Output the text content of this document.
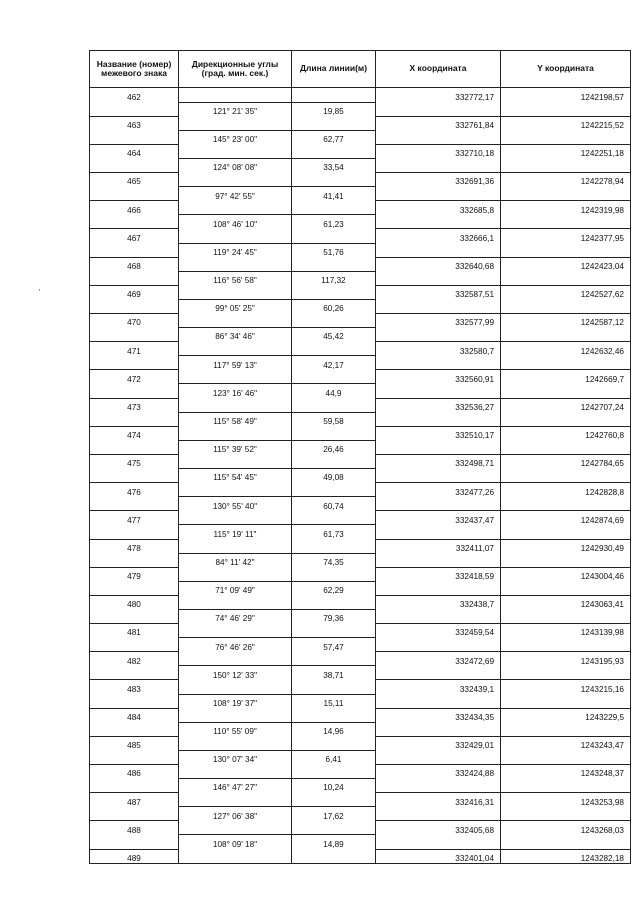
Название (номер) межевого знака	Дирекционные углы (град. мин. сек.)	Длина линии(м)	X координата	Y координата
462			332772,17	1242198,57
	121° 21' 35"	19,85		
463			332761,84	1242215,52
	145° 23' 00"	62,77		
464			332710,18	1242251,18
	124° 08' 08"	33,54		
465			332691,36	1242278,94
	97° 42' 55"	41,41		
466			332685,8	1242319,98
	108° 46' 10"	61,23		
467			332666,1	1242377,95
	119° 24' 45"	51,76		
468			332640,68	1242423,04
	116° 56' 58"	117,32		
469			332587,51	1242527,62
	99° 05' 25"	60,26		
470			332577,99	1242587,12
	86° 34' 46"	45,42		
471			332580,7	1242632,46
	117° 59' 13"	42,17		
472			332560,91	1242669,7
	123° 16' 46"	44,9		
473			332536,27	1242707,24
	115° 58' 49"	59,58		
474			332510,17	1242760,8
	115° 39' 52"	26,46		
475			332498,71	1242784,65
	115° 54' 45"	49,08		
476			332477,26	1242828,8
	130° 55' 40"	60,74		
477			332437,47	1242874,69
	115° 19' 11"	61,73		
478			332411,07	1242930,49
	84° 11' 42"	74,35		
479			332418,59	1243004,46
	71° 09' 49"	62,29		
480			332438,7	1243063,41
	74° 46' 29"	79,36		
481			332459,54	1243139,98
	76° 46' 26"	57,47		
482			332472,69	1243195,93
	150° 12' 33"	38,71		
483			332439,1	1243215,16
	108° 19' 37"	15,11		
484			332434,35	1243229,5
	110° 55' 09"	14,96		
485			332429,01	1243243,47
	130° 07' 34"	6,41		
486			332424,88	1243248,37
	146° 47' 27"	10,24		
487			332416,31	1243253,98
	127° 06' 38"	17,62		
488			332405,68	1243268,03
	108° 09' 18"	14,89		
489			332401,04	1243282,18
